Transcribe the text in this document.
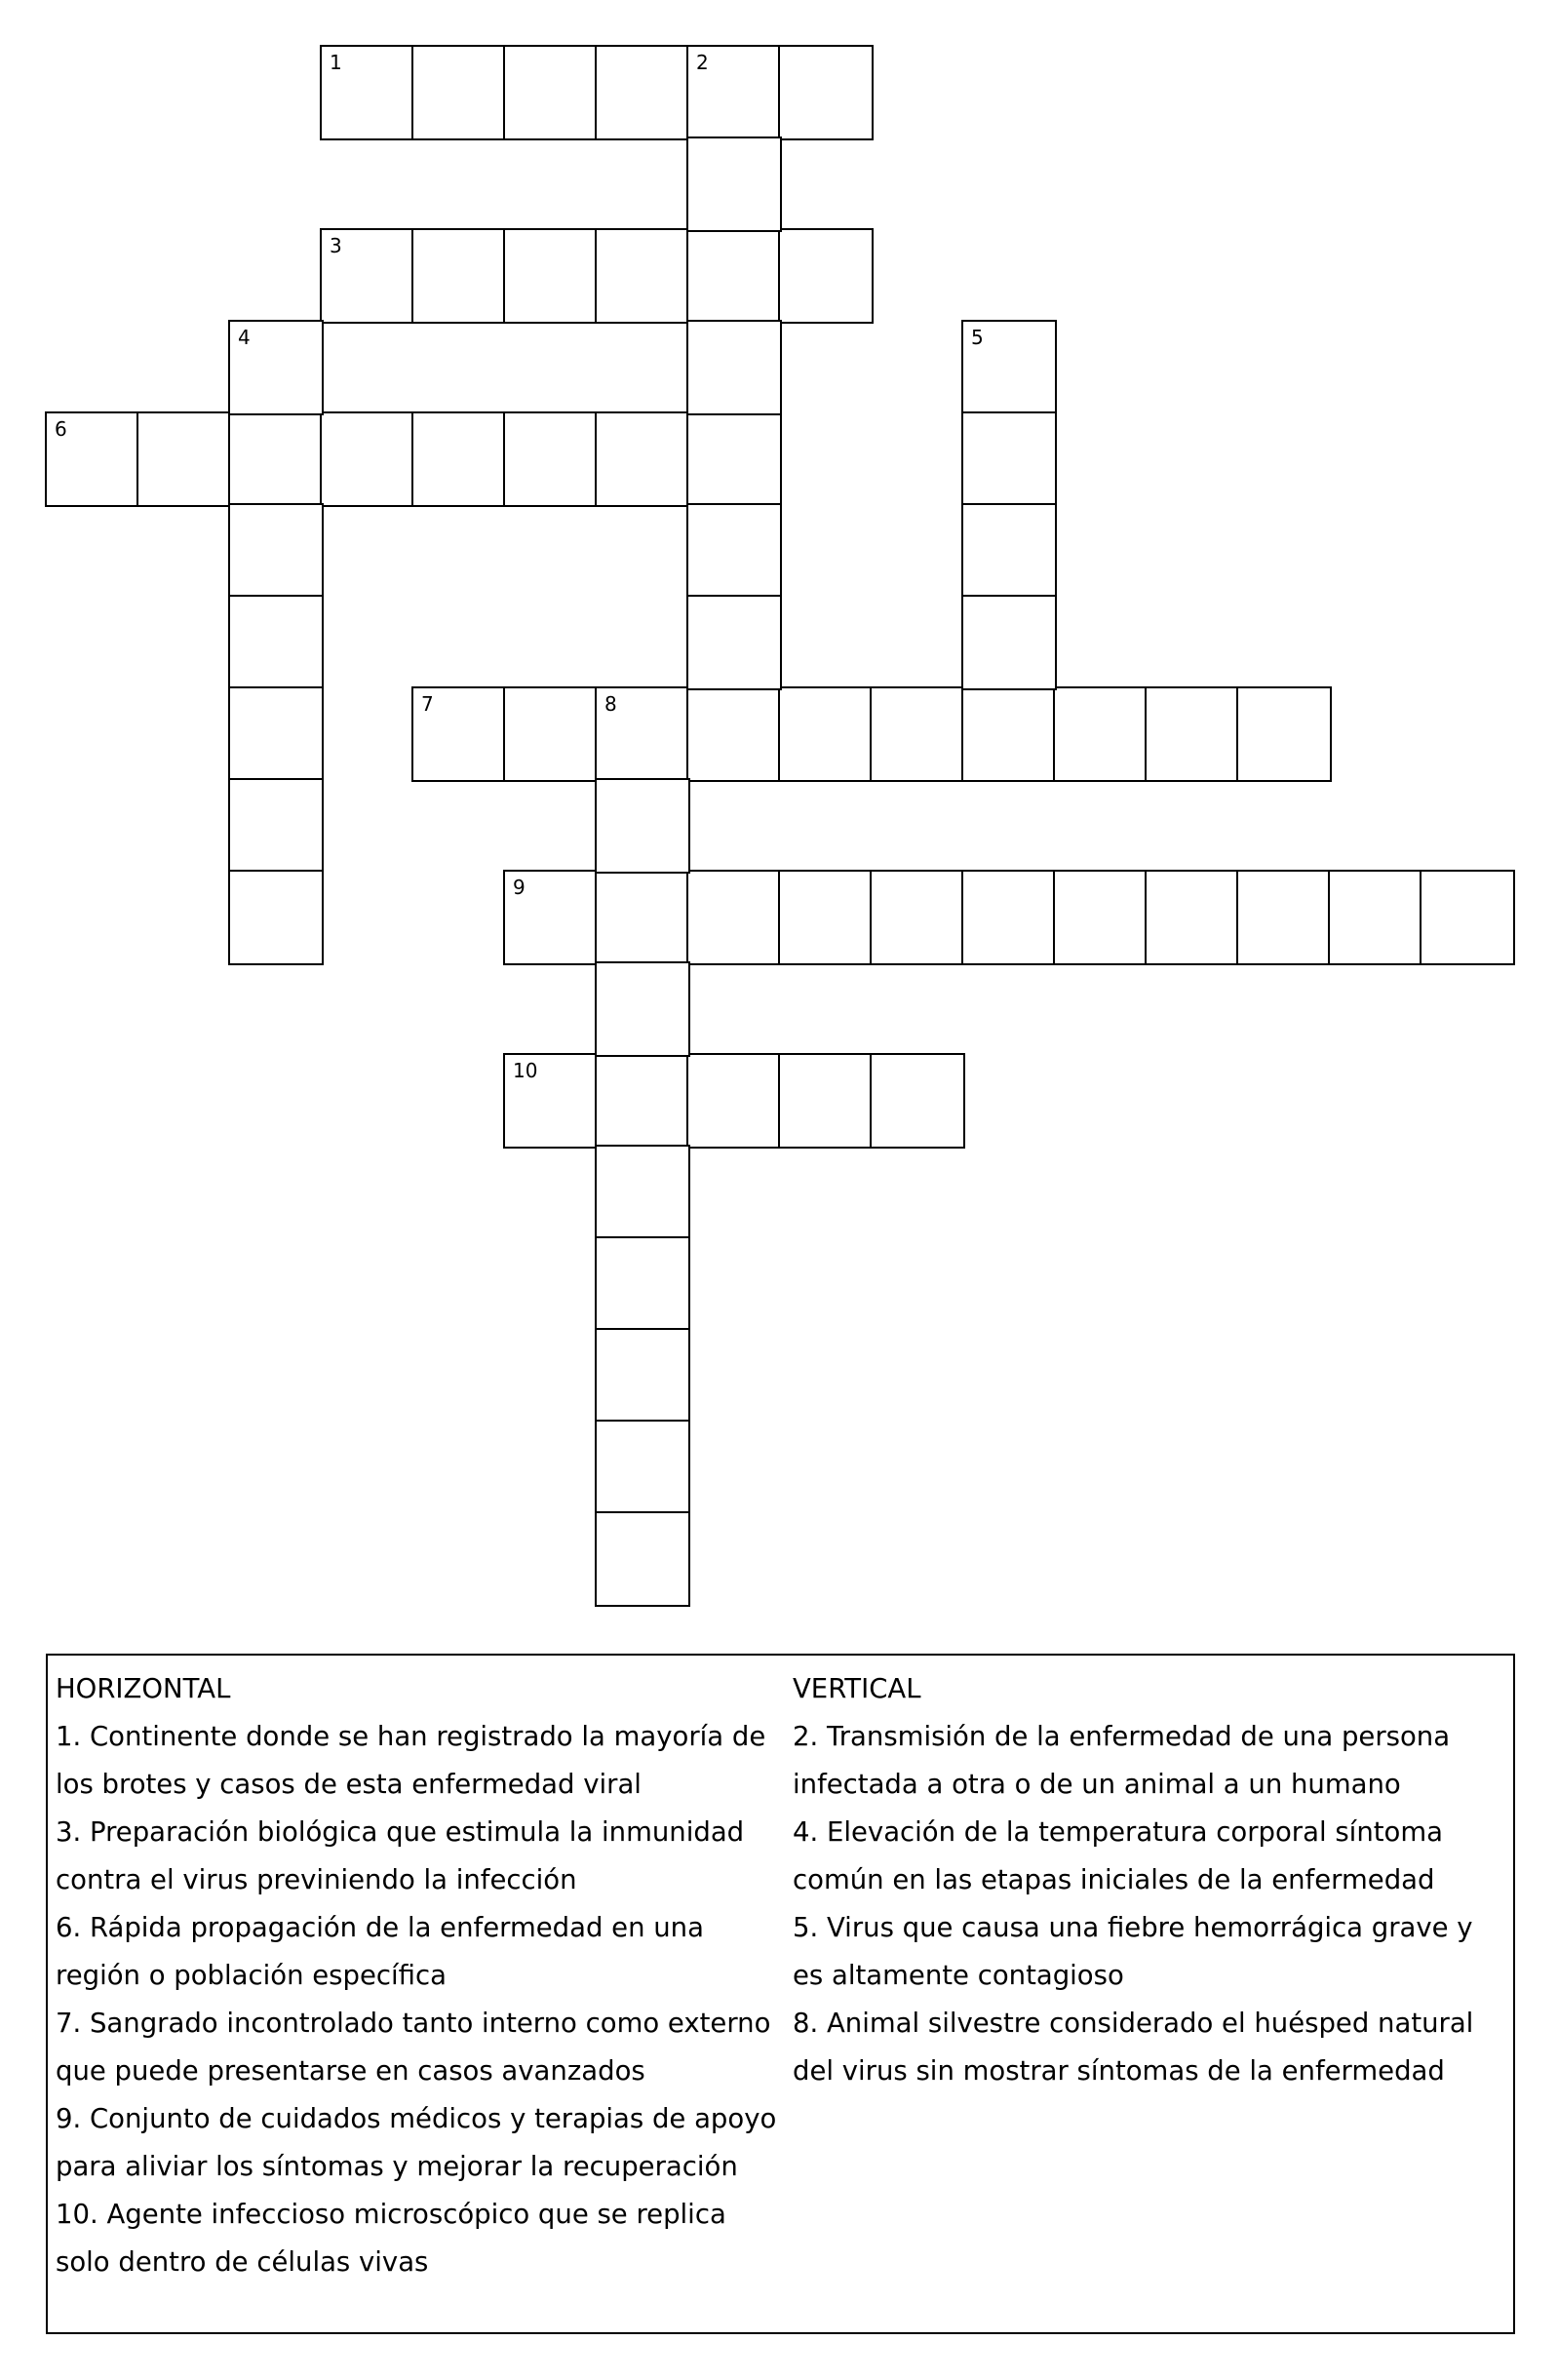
1	2
3
6
7	8
9
10
4	5
HORIZONTAL
1. Continente donde se han registrado la mayoría de los brotes y casos de esta enfermedad viral
3. Preparación biológica que estimula la inmunidad contra el virus previniendo la infección
6. Rápida propagación de la enfermedad en una región o población específica
7. Sangrado incontrolado tanto interno como externo que puede presentarse en casos avanzados
9. Conjunto de cuidados médicos y terapias de apoyo para aliviar los síntomas y mejorar la recuperación
10. Agente infeccioso microscópico que se replica solo dentro de células vivas
VERTICAL
2. Transmisión de la enfermedad de una persona infectada a otra o de un animal a un humano
4. Elevación de la temperatura corporal síntoma común en las etapas iniciales de la enfermedad
5. Virus que causa una fiebre hemorrágica grave y es altamente contagioso
8. Animal silvestre considerado el huésped natural del virus sin mostrar síntomas de la enfermedad
